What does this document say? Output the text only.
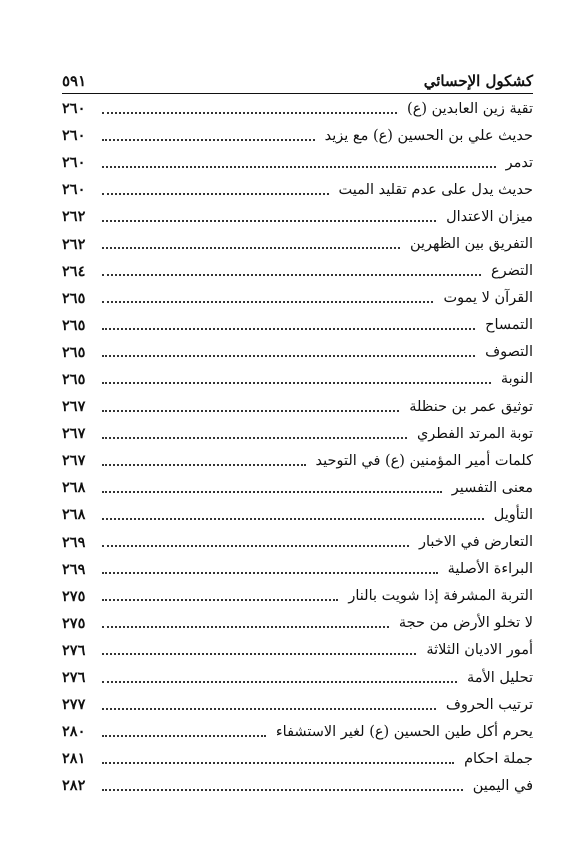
كشكول الإحسائي
٥٩١
تقية زين العابدين (ع)
٢٦٠
حديث علي بن الحسين (ع) مع يزيد
٢٦٠
تدمر
٢٦٠
حديث يدل على عدم تقليد الميت
٢٦٠
ميزان الاعتدال
٢٦٢
التفريق بين الظهرين
٢٦٢
التضرع
٢٦٤
القرآن لا يموت
٢٦٥
التمساح
٢٦٥
التصوف
٢٦٥
النوبة
٢٦٥
توثيق عمر بن حنظلة
٢٦٧
توبة المرتد الفطري
٢٦٧
كلمات أمير المؤمنين (ع) في التوحيد
٢٦٧
معنى التفسير
٢٦٨
التأويل
٢٦٨
التعارض في الاخبار
٢٦٩
البراءة الأصلية
٢٦٩
التربة المشرفة إذا شويت بالنار
٢٧٥
لا تخلو الأرض من حجة
٢٧٥
أمور الاديان الثلاثة
٢٧٦
تحليل الأمة
٢٧٦
ترتيب الحروف
٢٧٧
يحرم أكل طين الحسين (ع) لغير الاستشفاء
٢٨٠
جملة احكام
٢٨١
في اليمين
٢٨٢
